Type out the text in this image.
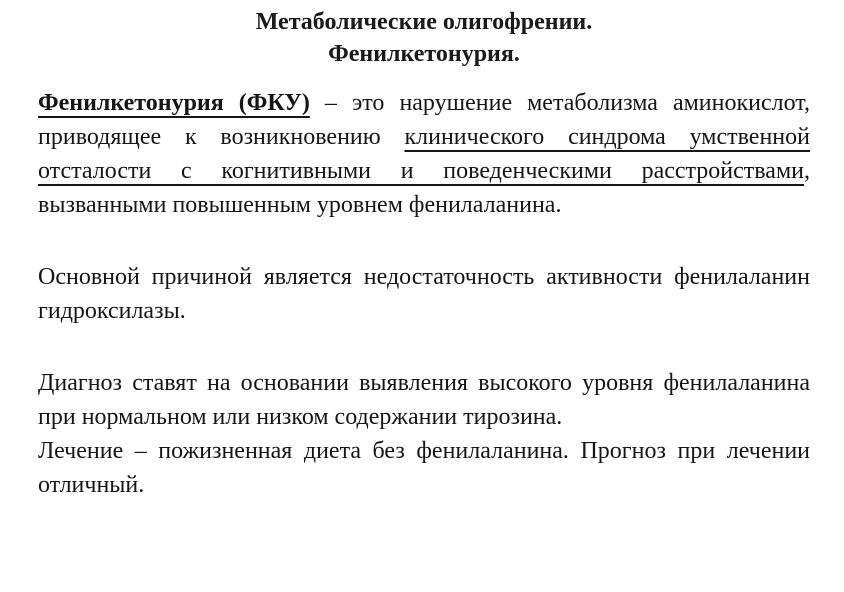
Метаболические олигофрении.
Фенилкетонурия.

Фенилкетонурия (ФКУ) – это нарушение метаболизма аминокислот, приводящее к возникновению клинического синдрома умственной отсталости с когнитивными и поведенческими расстройствами, вызванными повышенным уровнем фенилаланина.

Основной причиной является недостаточность активности фенилаланин гидроксилазы.

Диагноз ставят на основании выявления высокого уровня фенилаланина при нормальном или низком содержании тирозина.

Лечение – пожизненная диета без фенилаланина. Прогноз при лечении отличный.
